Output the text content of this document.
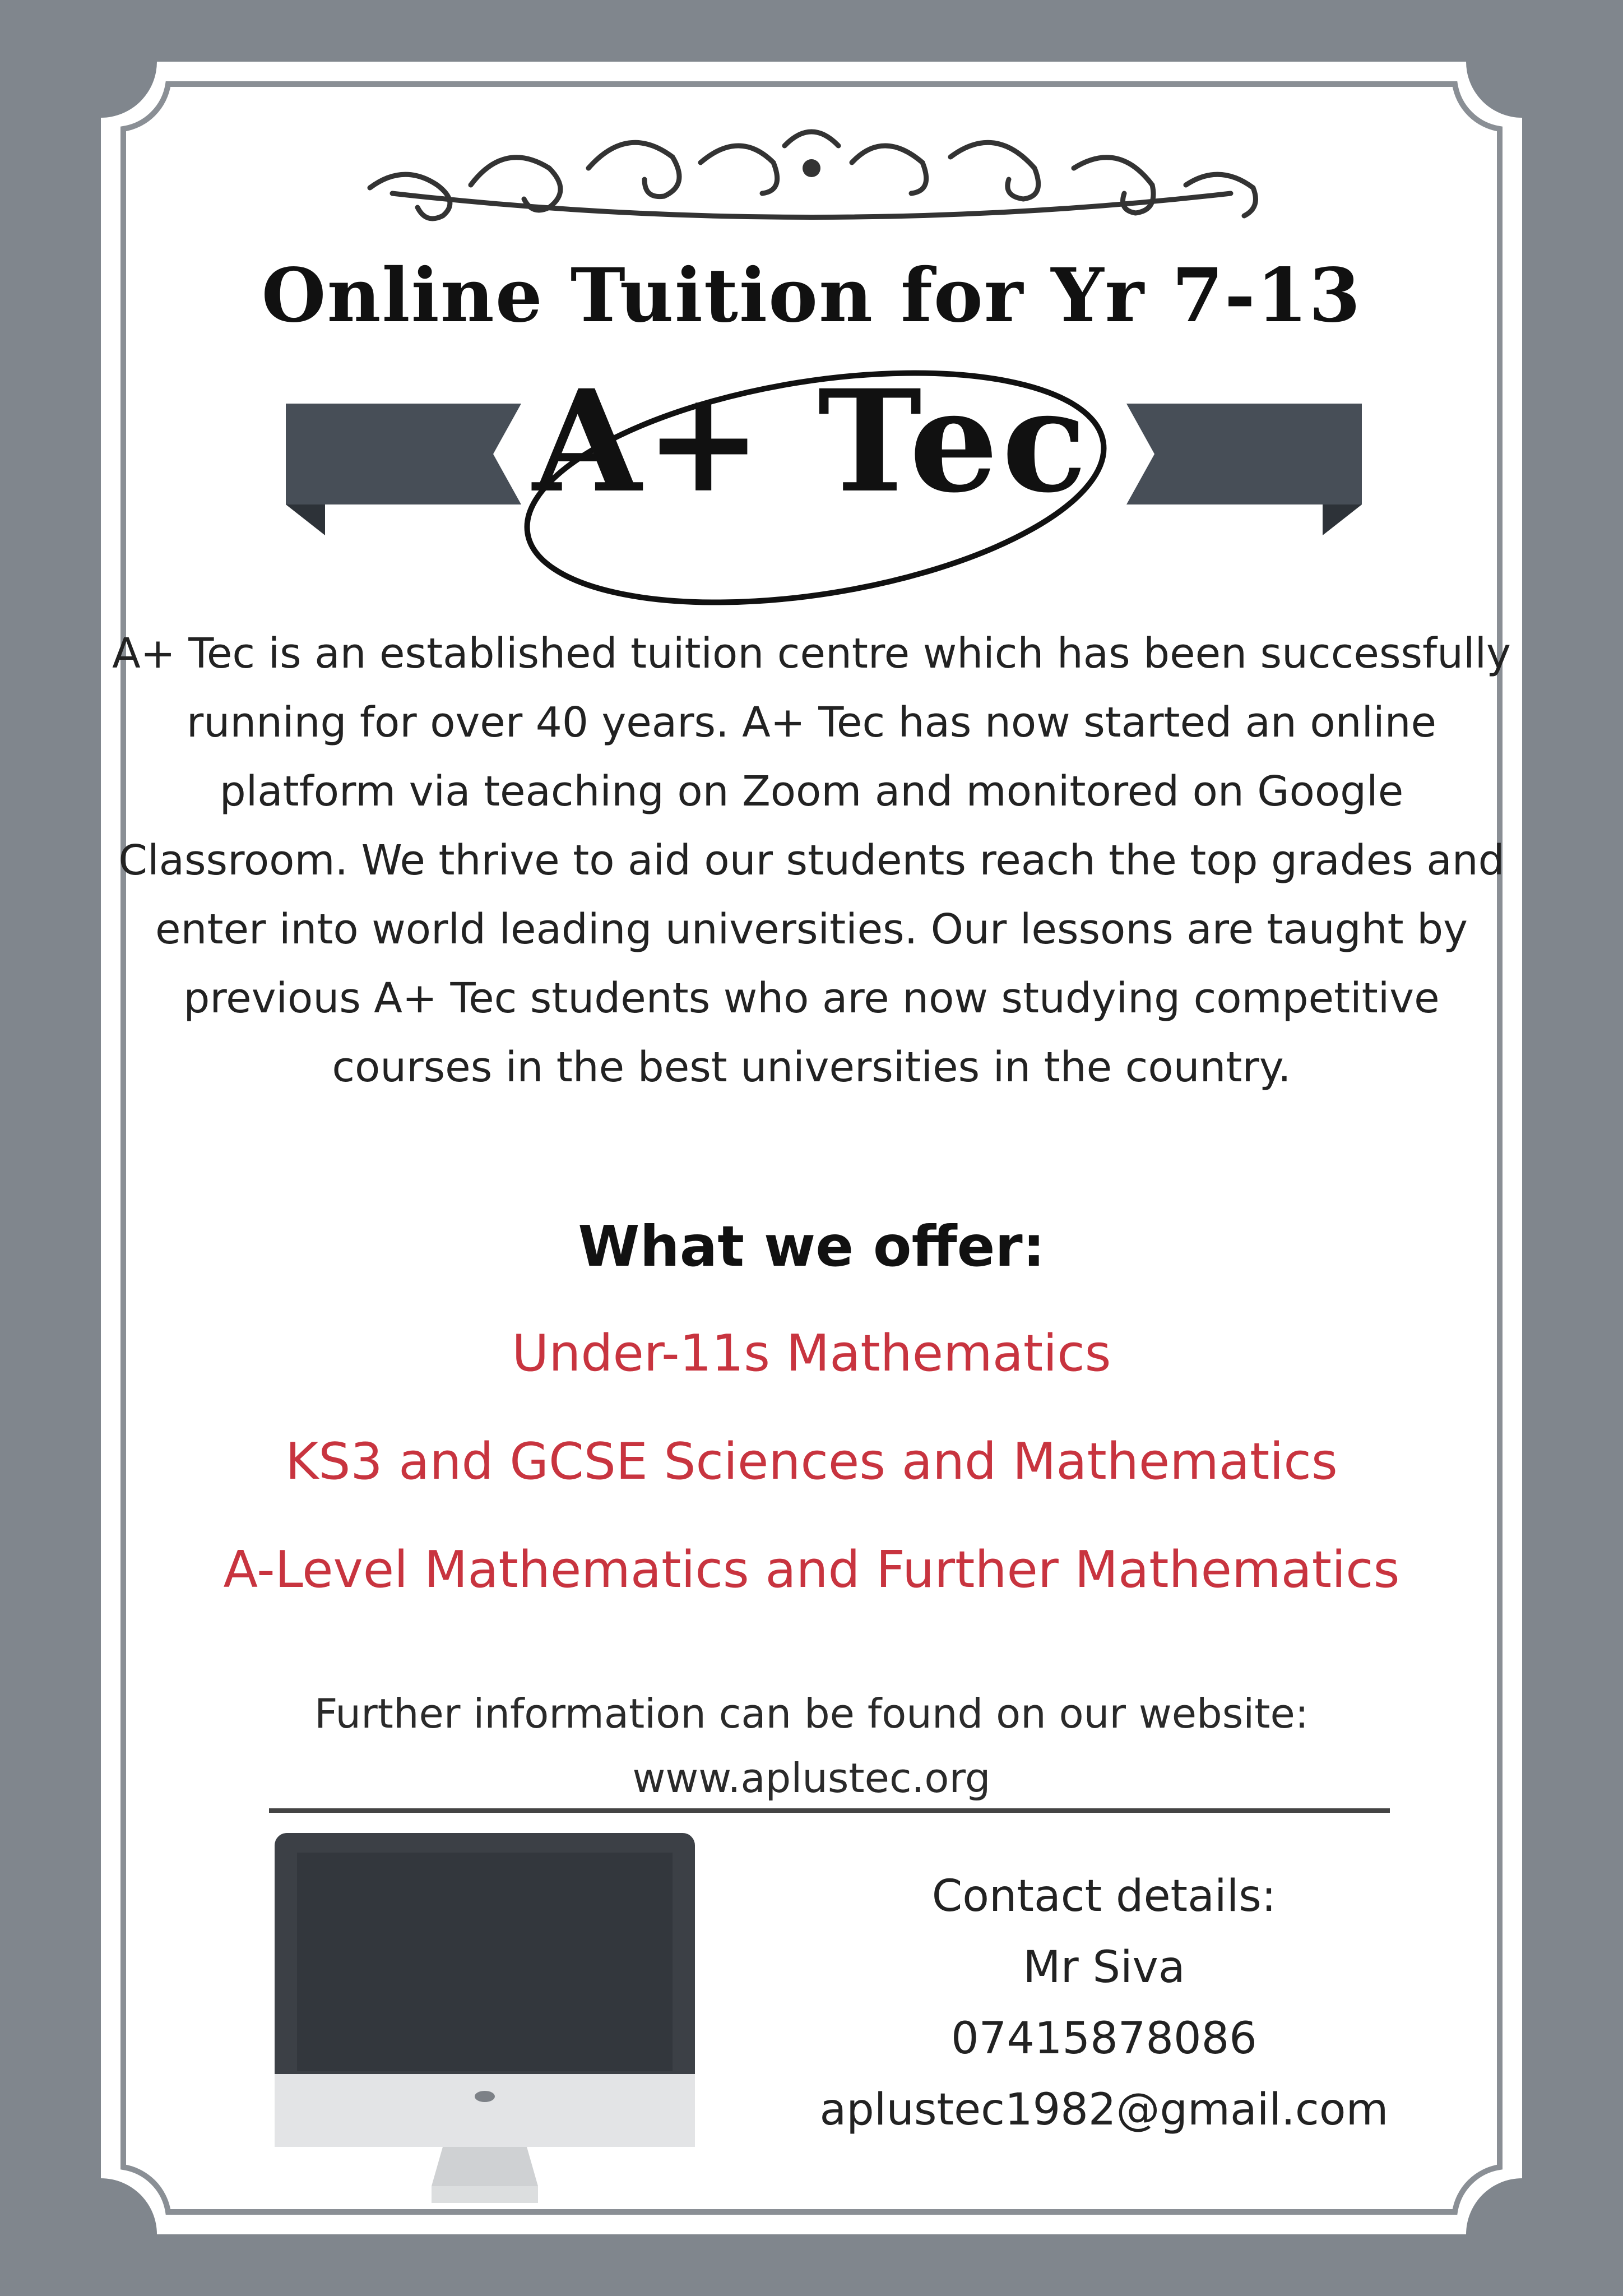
Online Tuition for Yr 7-13
A+ Tec

A+ Tec is an established tuition centre which has been successfully running for over 40 years. A+ Tec has now started an online platform via teaching on Zoom and monitored on Google Classroom. We thrive to aid our students reach the top grades and enter into world leading universities. Our lessons are taught by previous A+ Tec students who are now studying competitive courses in the best universities in the country.

What we offer:
Under-11s Mathematics
KS3 and GCSE Sciences and Mathematics
A-Level Mathematics and Further Mathematics

Further information can be found on our website:

www.aplustec.org
Contact details:
Mr Siva
07415878086
aplustec1982@gmail.com
